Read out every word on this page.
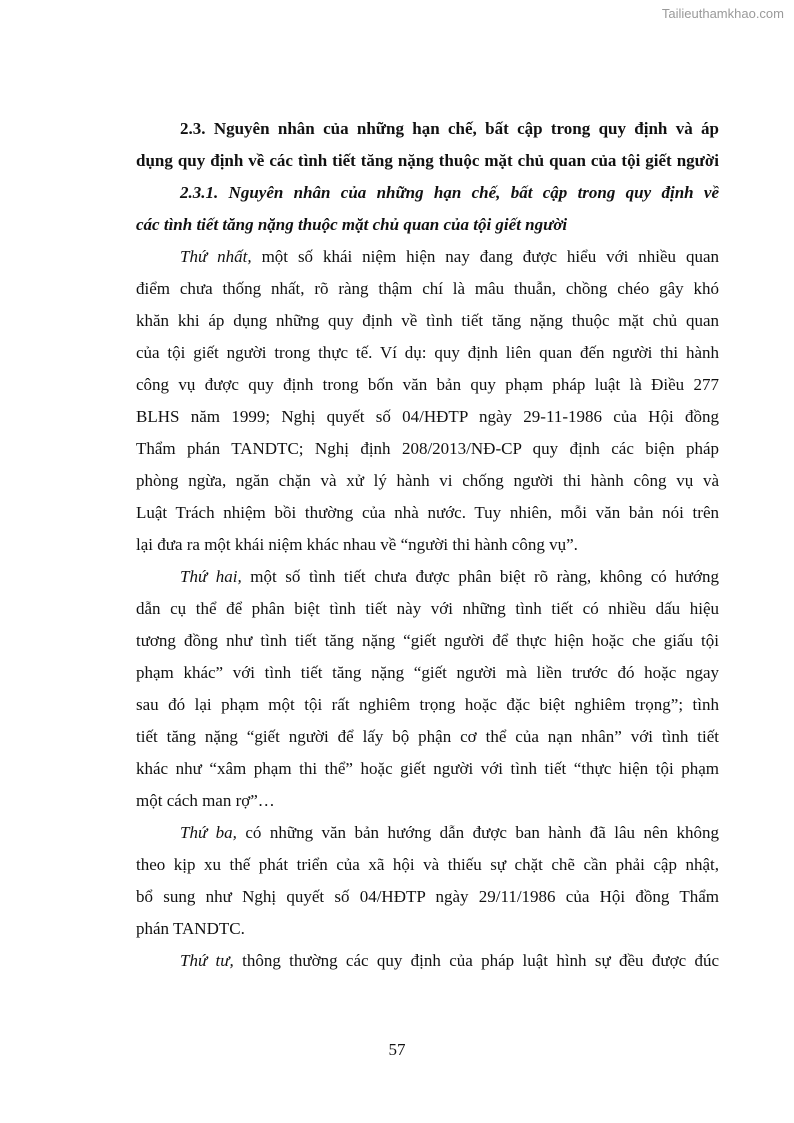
Tailieuthamkhao.com

2.3. Nguyên nhân của những hạn chế, bất cập trong quy định và áp

dụng quy định về các tình tiết tăng nặng thuộc mặt chủ quan của tội giết người

2.3.1. Nguyên nhân của những hạn chế, bất cập trong quy định về

các tình tiết tăng nặng thuộc mặt chủ quan của tội giết người

Thứ nhất, một số khái niệm hiện nay đang được hiểu với nhiều quan

điểm chưa thống nhất, rõ ràng thậm chí là mâu thuẫn, chồng chéo gây khó

khăn khi áp dụng những quy định về tình tiết tăng nặng thuộc mặt chủ quan

của tội giết người trong thực tế. Ví dụ: quy định liên quan đến người thi hành

công vụ được quy định trong bốn văn bản quy phạm pháp luật là Điều 277

BLHS năm 1999; Nghị quyết số 04/HĐTP ngày 29-11-1986 của Hội đồng

Thẩm phán TANDTC; Nghị định 208/2013/NĐ-CP quy định các biện pháp

phòng ngừa, ngăn chặn và xử lý hành vi chống người thi hành công vụ và

Luật Trách nhiệm bồi thường của nhà nước. Tuy nhiên, mỗi văn bản nói trên

lại đưa ra một khái niệm khác nhau về “người thi hành công vụ”.

Thứ hai, một số tình tiết chưa được phân biệt rõ ràng, không có hướng

dẫn cụ thể để phân biệt tình tiết này với những tình tiết có nhiều dấu hiệu

tương đồng như tình tiết tăng nặng “giết người để thực hiện hoặc che giấu tội

phạm khác” với tình tiết tăng nặng “giết người mà liền trước đó hoặc ngay

sau đó lại phạm một tội rất nghiêm trọng hoặc đặc biệt nghiêm trọng”; tình

tiết tăng nặng “giết người để lấy bộ phận cơ thể của nạn nhân” với tình tiết

khác như “xâm phạm thi thể” hoặc giết người với tình tiết “thực hiện tội phạm

một cách man rợ”…

Thứ ba, có những văn bản hướng dẫn được ban hành đã lâu nên không

theo kịp xu thế phát triển của xã hội và thiếu sự chặt chẽ cần phải cập nhật,

bổ sung như Nghị quyết số 04/HĐTP ngày 29/11/1986 của Hội đồng Thẩm

phán TANDTC.

Thứ tư, thông thường các quy định của pháp luật hình sự đều được đúc

57
